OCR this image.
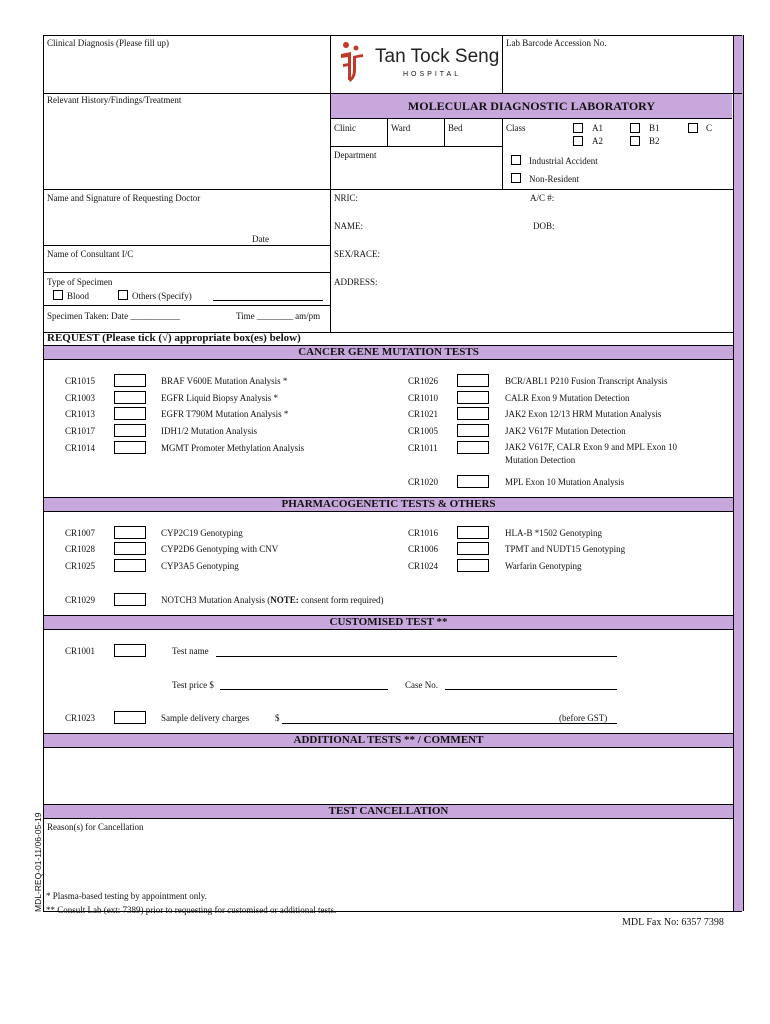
Clinical Diagnosis (Please fill up)	Lab Barcode Accession No.
Tan Tock Seng
HOSPITAL
Relevant History/Findings/Treatment	MOLECULAR DIAGNOSTIC LABORATORY
Clinic	Ward	Bed	Class	A1	B1	C
A2	B2
Department
Industrial Accident
Non-Resident
Name and Signature of Requesting Doctor
Date
Name of Consultant I/C
Type of Specimen
Blood	Others (Specify)
Specimen Taken: Date ___________	Time ________ am/pm
NRIC:	A/C #:
NAME:	DOB:
SEX/RACE:
ADDRESS:
REQUEST (Please tick (√) appropriate box(es) below)
CANCER GENE MUTATION TESTS
CR1015	BRAF V600E Mutation Analysis *
CR1003	EGFR Liquid Biopsy Analysis *
CR1013	EGFR T790M Mutation Analysis *
CR1017	IDH1/2 Mutation Analysis
CR1014	MGMT Promoter Methylation Analysis
CR1026	BCR/ABL1 P210 Fusion Transcript Analysis
CR1010	CALR Exon 9 Mutation Detection
CR1021	JAK2 Exon 12/13 HRM Mutation Analysis
CR1005	JAK2 V617F Mutation Detection
CR1011	JAK2 V617F, CALR Exon 9 and MPL Exon 10
Mutation Detection
CR1020	MPL Exon 10 Mutation Analysis
PHARMACOGENETIC TESTS & OTHERS
CR1007	CYP2C19 Genotyping
CR1028	CYP2D6 Genotyping with CNV
CR1025	CYP3A5 Genotyping
CR1016	HLA-B *1502 Genotyping
CR1006	TPMT and NUDT15 Genotyping
CR1024	Warfarin Genotyping
CR1029	NOTCH3 Mutation Analysis (NOTE: consent form required)
CUSTOMISED TEST **
CR1001	Test name
Test price $	Case No.
CR1023	Sample delivery charges	$	(before GST)
ADDITIONAL TESTS ** / COMMENT
TEST CANCELLATION
Reason(s) for Cancellation
* Plasma-based testing by appointment only.
** Consult Lab (ext: 7389) prior to requesting for customised or additional tests.
MDL-REQ-01-11/06-05-19
MDL Fax No: 6357 7398
